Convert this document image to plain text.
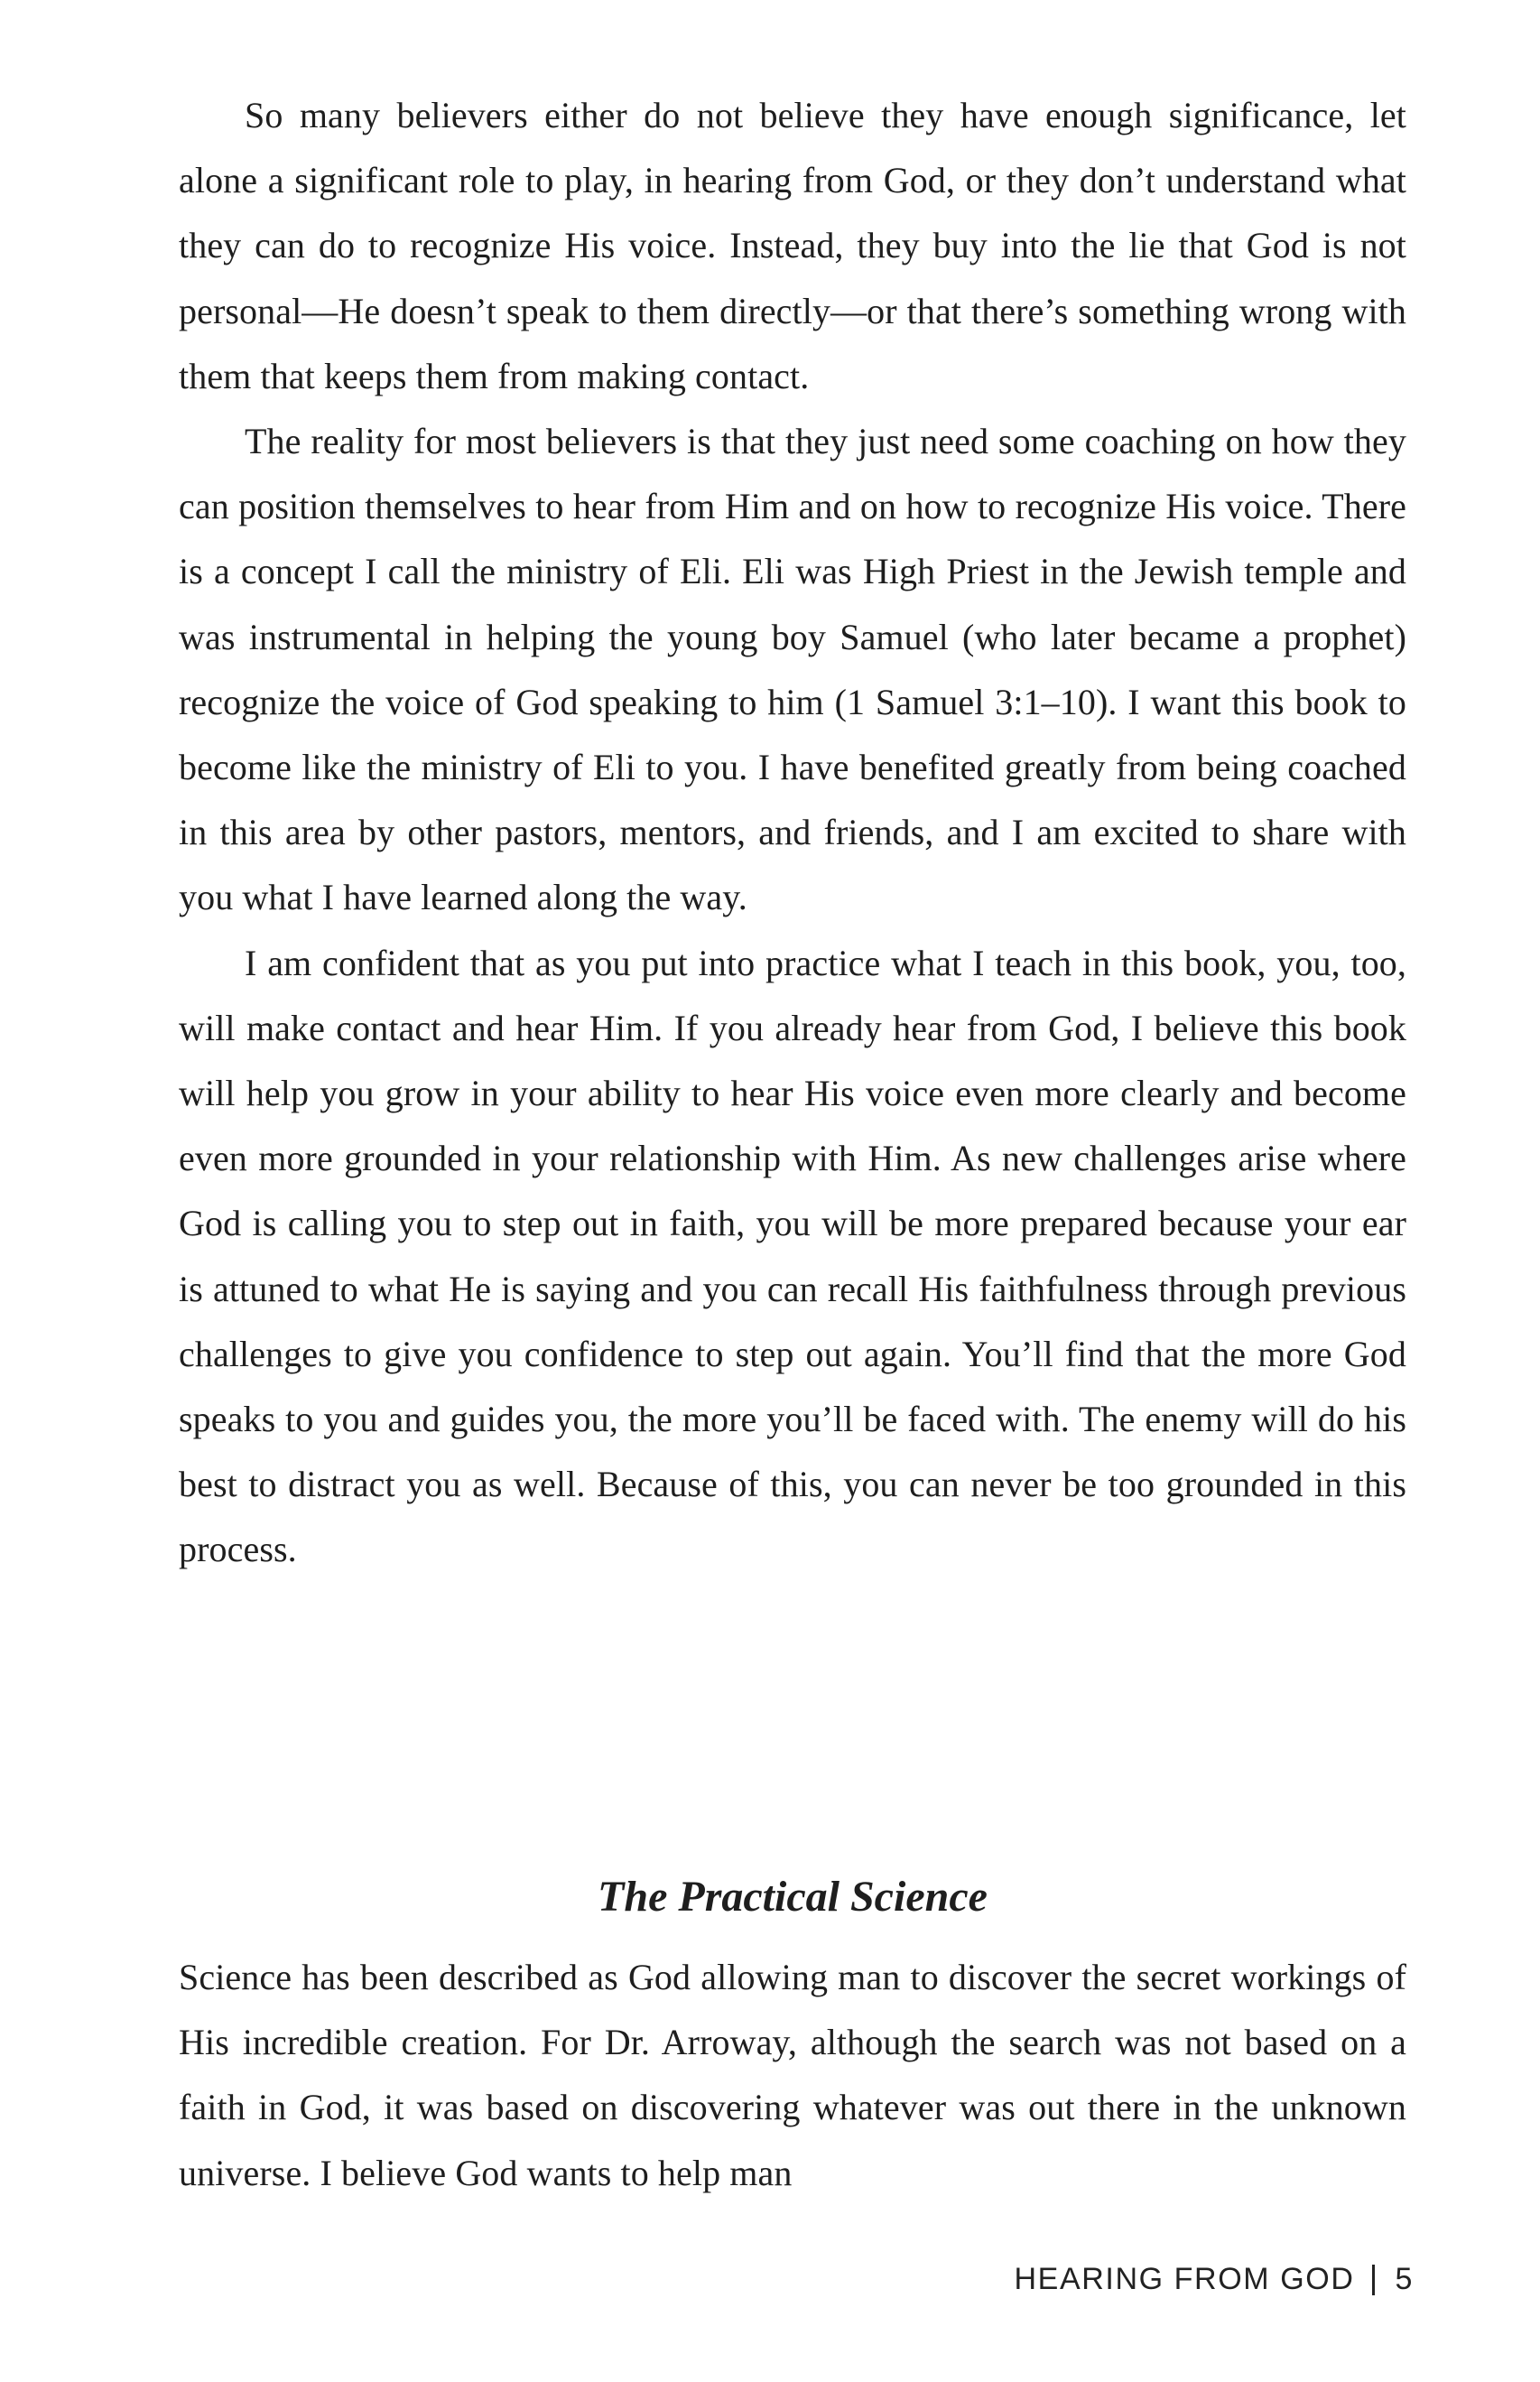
So many believers either do not believe they have enough significance, let alone a significant role to play, in hearing from God, or they don’t understand what they can do to recognize His voice. Instead, they buy into the lie that God is not personal—He doesn’t speak to them directly—or that there’s something wrong with them that keeps them from making contact.

The reality for most believers is that they just need some coaching on how they can position themselves to hear from Him and on how to recognize His voice. There is a concept I call the ministry of Eli. Eli was High Priest in the Jewish temple and was instrumental in helping the young boy Samuel (who later became a prophet) recognize the voice of God speaking to him (1 Samuel 3:1–10). I want this book to become like the ministry of Eli to you. I have benefited greatly from being coached in this area by other pastors, mentors, and friends, and I am excited to share with you what I have learned along the way.

I am confident that as you put into practice what I teach in this book, you, too, will make contact and hear Him. If you already hear from God, I believe this book will help you grow in your ability to hear His voice even more clearly and become even more grounded in your relationship with Him. As new challenges arise where God is calling you to step out in faith, you will be more prepared because your ear is attuned to what He is saying and you can recall His faithfulness through previous challenges to give you confidence to step out again. You’ll find that the more God speaks to you and guides you, the more you’ll be faced with. The enemy will do his best to distract you as well. Because of this, you can never be too grounded in this process.

The Practical Science

Science has been described as God allowing man to discover the secret workings of His incredible creation. For Dr. Arroway, although the search was not based on a faith in God, it was based on discovering whatever was out there in the unknown universe. I believe God wants to help man

HEARING FROM GOD 5
